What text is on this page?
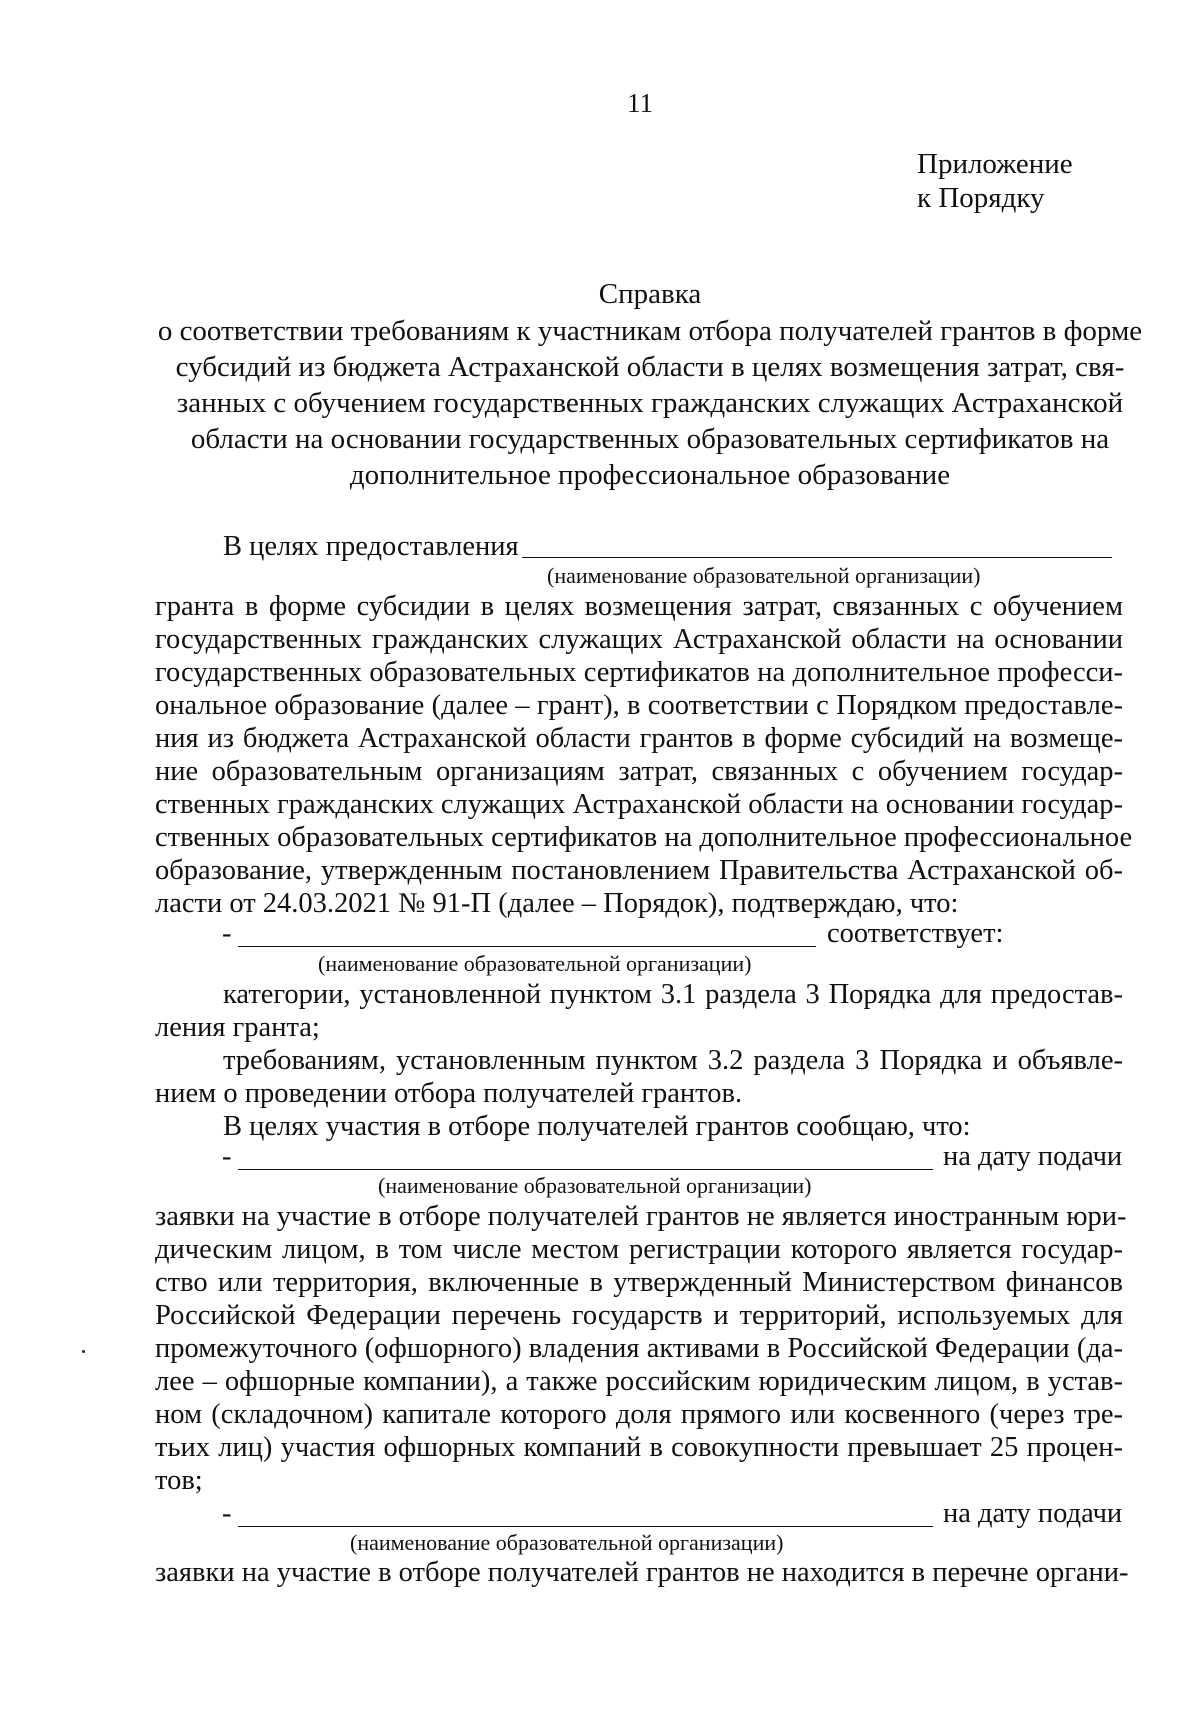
11
Приложение
к Порядку
Справка
о соответствии требованиям к участникам отбора получателей грантов в форме
субсидий из бюджета Астраханской области в целях возмещения затрат, свя-
занных с обучением государственных гражданских служащих Астраханской
области на основании государственных образовательных сертификатов на
дополнительное профессиональное образование
В целях предоставления
(наименование образовательной организации)
гранта в форме субсидии в целях возмещения затрат, связанных с обучением
государственных гражданских служащих Астраханской области на основании
государственных образовательных сертификатов на дополнительное професси-
ональное образование (далее – грант), в соответствии с Порядком предоставле-
ния из бюджета Астраханской области грантов в форме субсидий на возмеще-
ние образовательным организациям затрат, связанных с обучением государ-
ственных гражданских служащих Астраханской области на основании государ-
ственных образовательных сертификатов на дополнительное профессиональное
образование, утвержденным постановлением Правительства Астраханской об-
ласти от 24.03.2021 № 91-П (далее – Порядок), подтверждаю, что:
-	соответствует:
(наименование образовательной организации)
категории, установленной пунктом 3.1 раздела 3 Порядка для предостав-
ления гранта;
требованиям, установленным пунктом 3.2 раздела 3 Порядка и объявле-
нием о проведении отбора получателей грантов.
В целях участия в отборе получателей грантов сообщаю, что:
-	на дату подачи
(наименование образовательной организации)
заявки на участие в отборе получателей грантов не является иностранным юри-
дическим лицом, в том числе местом регистрации которого является государ-
ство или территория, включенные в утвержденный Министерством финансов
Российской Федерации перечень государств и территорий, используемых для
промежуточного (офшорного) владения активами в Российской Федерации (да-
лее – офшорные компании), а также российским юридическим лицом, в устав-
ном (складочном) капитале которого доля прямого или косвенного (через тре-
тьих лиц) участия офшорных компаний в совокупности превышает 25 процен-
тов;
-	на дату подачи
(наименование образовательной организации)
заявки на участие в отборе получателей грантов не находится в перечне органи-
